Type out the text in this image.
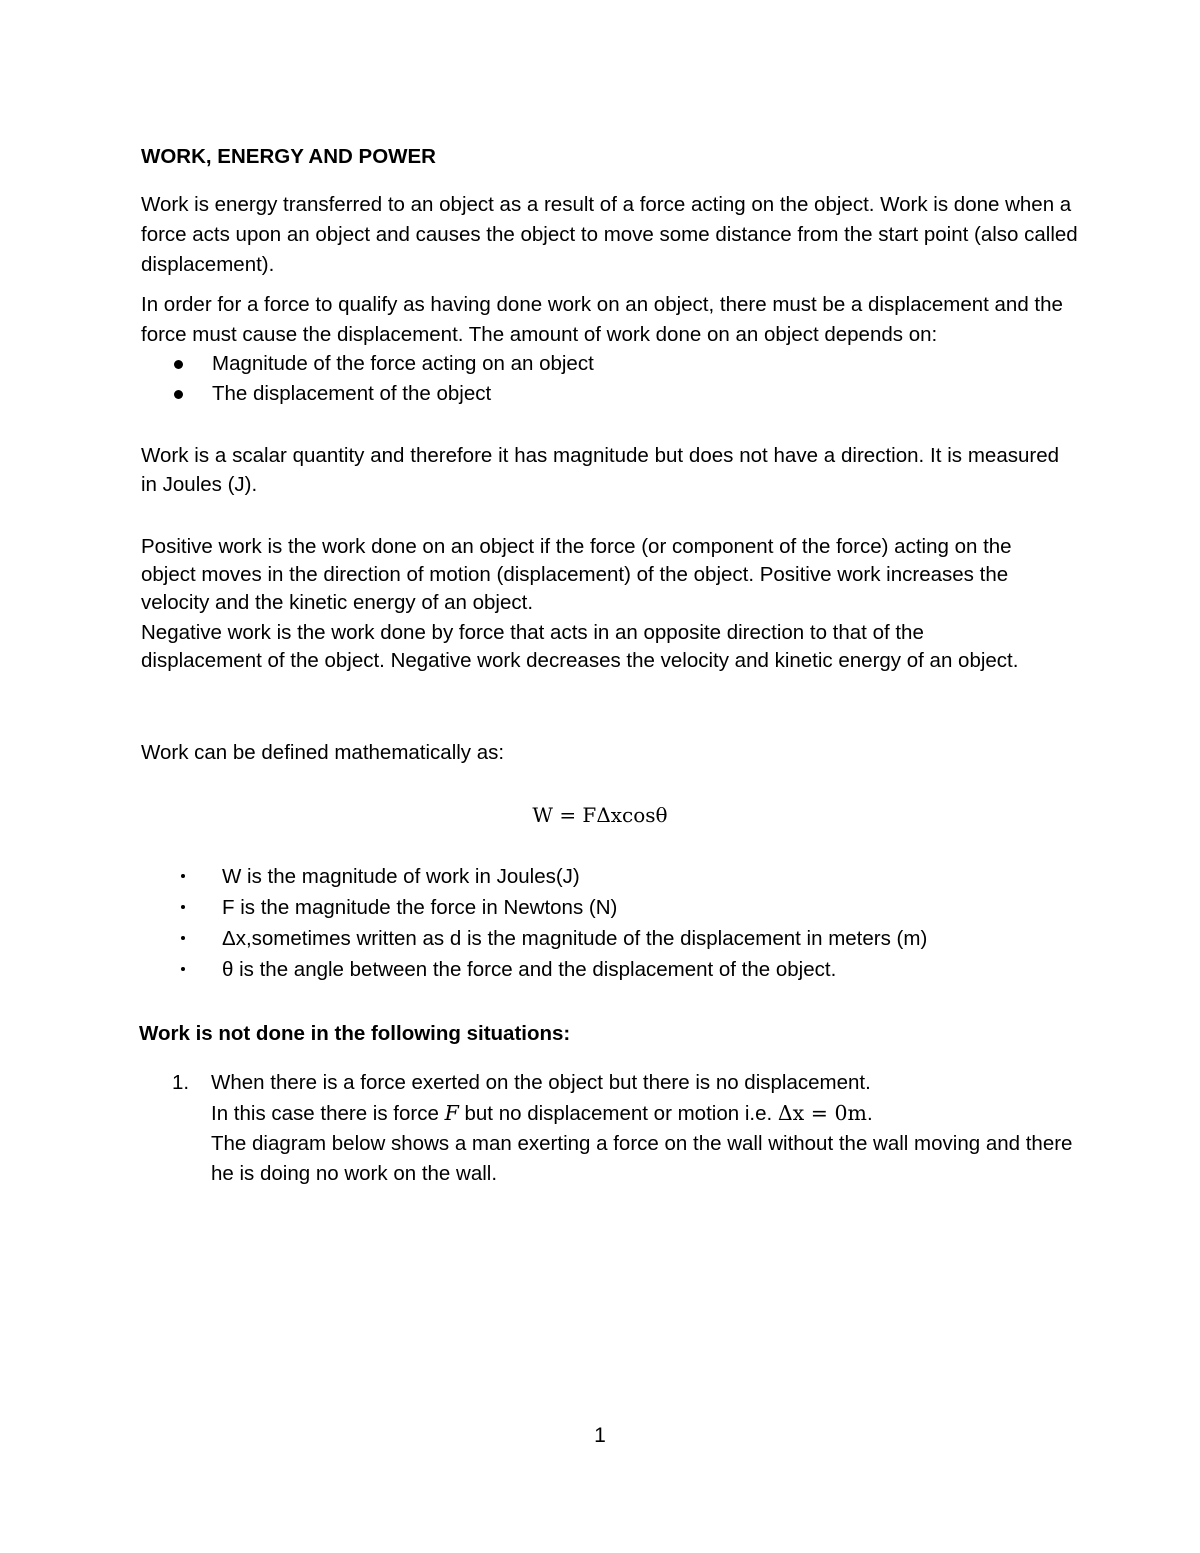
WORK, ENERGY AND POWER
Work is energy transferred to an object as a result of a force acting on the object. Work is done when a force acts upon an object and causes the object to move some distance from the start point (also called displacement).
In order for a force to qualify as having done work on an object, there must be a displacement and the force must cause the displacement. The amount of work done on an object depends on:
Magnitude of the force acting on an object
The displacement of the object
Work is a scalar quantity and therefore it has magnitude but does not have a direction. It is measured in Joules (J).
Positive work is the work done on an object if the force (or component of the force) acting on the object moves in the direction of motion (displacement) of the object. Positive work increases the velocity and the kinetic energy of an object.
Negative work is the work done by force that acts in an opposite direction to that of the displacement of the object. Negative work decreases the velocity and kinetic energy of an object.
Work can be defined mathematically as:
W = FΔxcosθ
W is the magnitude of work in Joules(J)
F is the magnitude the force in Newtons (N)
Δx,sometimes written as d is the magnitude of the displacement in meters (m)
θ is the angle between the force and the displacement of the object.
Work is not done in the following situations:
1. When there is a force exerted on the object but there is no displacement.
In this case there is force F but no displacement or motion i.e. Δx = 0m.
The diagram below shows a man exerting a force on the wall without the wall moving and there he is doing no work on the wall.
1
